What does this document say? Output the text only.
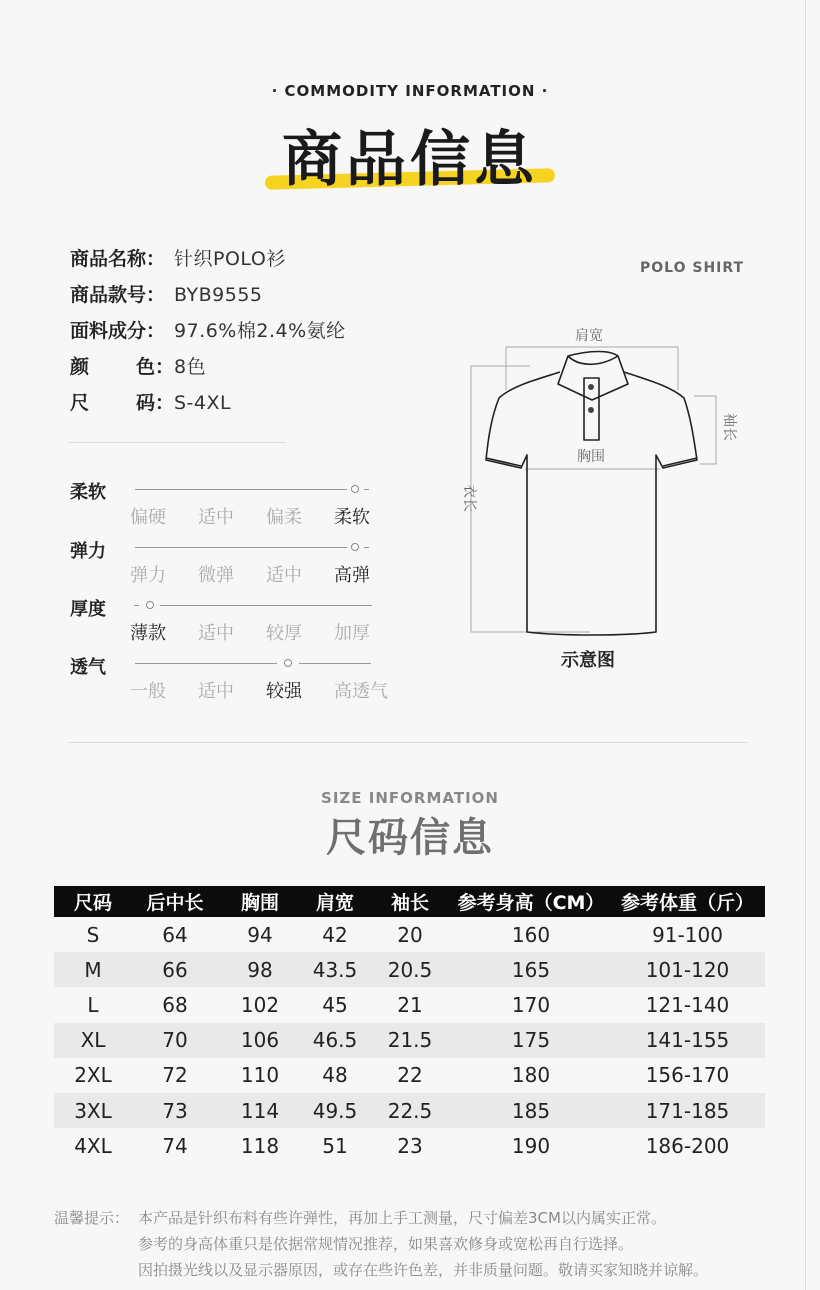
· COMMODITY INFORMATION ·
商品信息
商品名称： 针织POLO衫
商品款号： BYB9555
面料成分： 97.6%棉2.4%氨纶
颜 色： 8色
尺 码： S-4XL
柔软
偏硬	适中	偏柔	柔软
弹力
弹力	微弹	适中	高弹
厚度
薄款	适中	较厚	加厚
透气
一般	适中	较强	高透气
POLO SHIRT
肩宽
胸围
袖长
衣长
示意图
SIZE INFORMATION
尺码信息
尺码	后中长	胸围	肩宽	袖长	参考身高（CM）	参考体重（斤）
S	64	94	42	20	160	91-100
M	66	98	43.5	20.5	165	101-120
L	68	102	45	21	170	121-140
XL	70	106	46.5	21.5	175	141-155
2XL	72	110	48	22	180	156-170
3XL	73	114	49.5	22.5	185	171-185
4XL	74	118	51	23	190	186-200
温馨提示： 本产品是针织布料有些许弹性，再加上手工测量，尺寸偏差3CM以内属实正常。
参考的身高体重只是依据常规情况推荐，如果喜欢修身或宽松再自行选择。
因拍摄光线以及显示器原因，或存在些许色差，并非质量问题。敬请买家知晓并谅解。
